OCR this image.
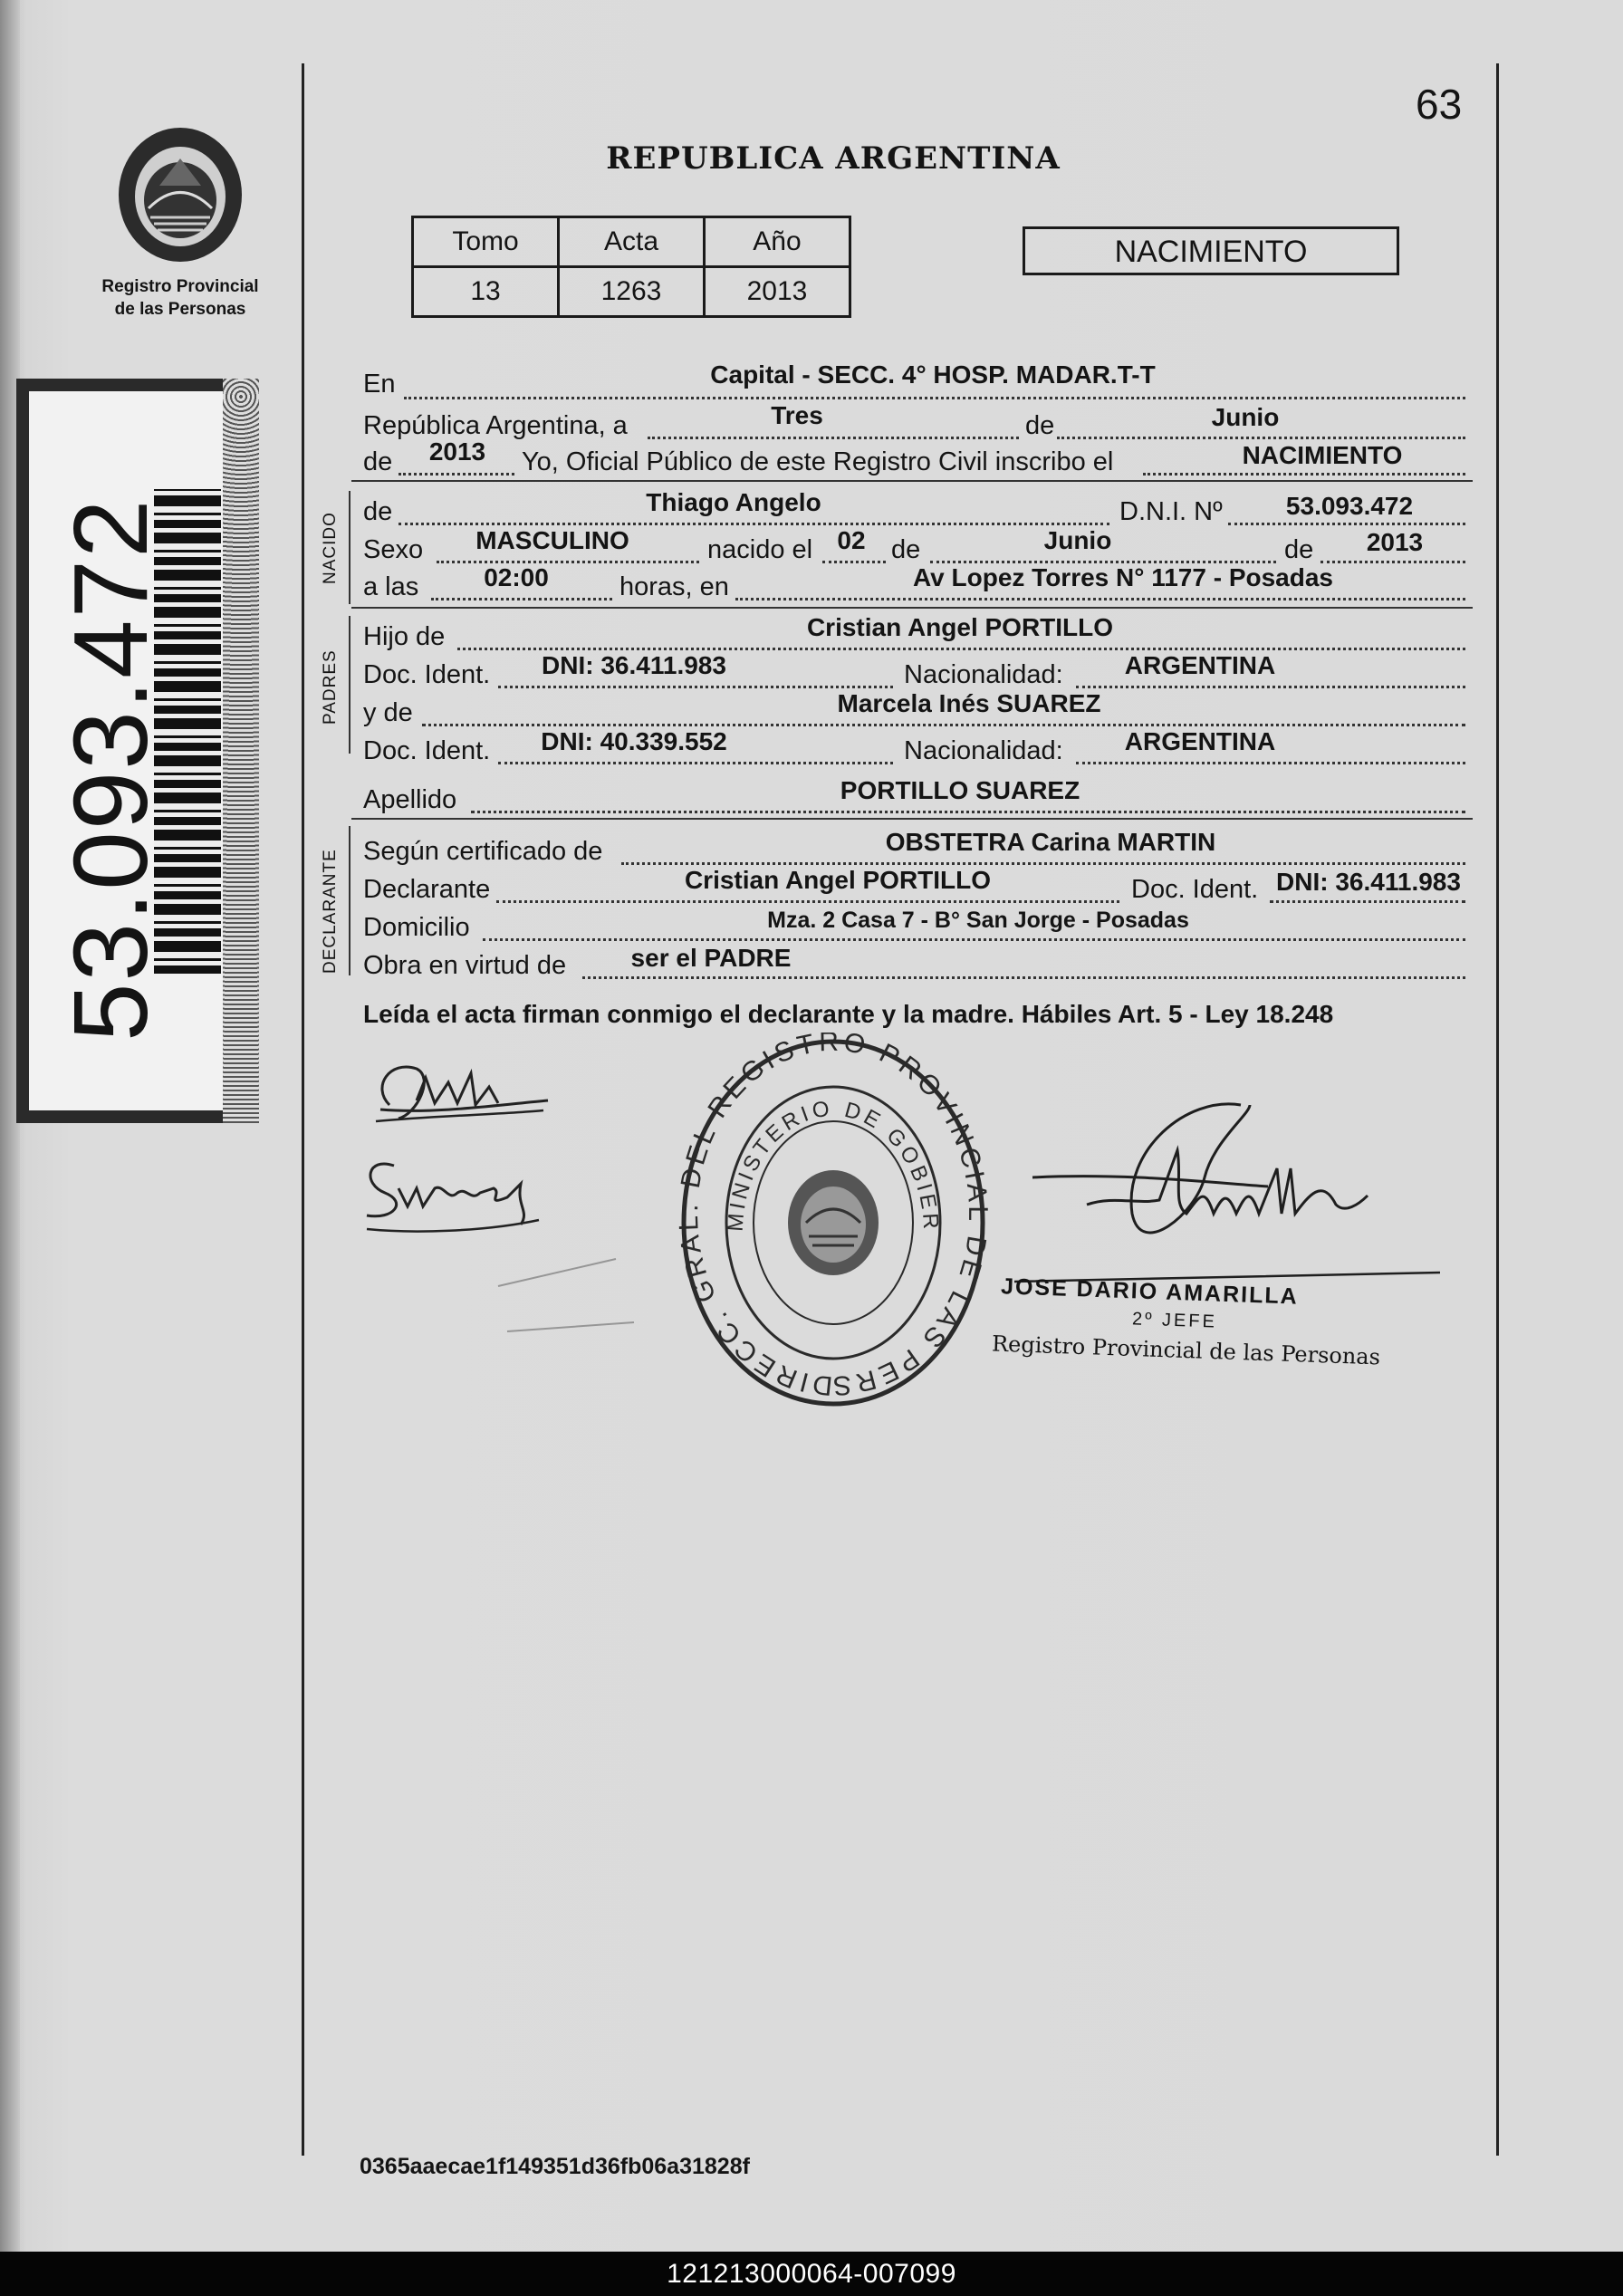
63
Registro Provincial
de las Personas
53.093.472
REPUBLICA ARGENTINA
Tomo	Acta	Año
13	1263	2013
NACIMIENTO
NACIDO
PADRES
DECLARANTE
En	Capital - SECC. 4° HOSP. MADAR.T-T
República Argentina, a	Tres	de	Junio
de	2013	Yo, Oficial Público de este Registro Civil inscribo el	NACIMIENTO
de	Thiago Angelo	D.N.I. Nº	53.093.472
Sexo	MASCULINO	nacido el 02 de	Junio	de	2013
a las	02:00	horas, en	Av Lopez Torres N° 1177 - Posadas
Hijo de	Cristian Angel PORTILLO
Doc. Ident.	DNI: 36.411.983	Nacionalidad:	ARGENTINA
y de	Marcela Inés SUAREZ
Doc. Ident.	DNI: 40.339.552	Nacionalidad:	ARGENTINA
Apellido	PORTILLO SUAREZ
Según certificado de	OBSTETRA Carina MARTIN
Declarante	Cristian Angel PORTILLO	Doc. Ident. DNI: 36.411.983
Domicilio	Mza. 2 Casa 7 - B° San Jorge - Posadas
Obra en virtud de	ser el PADRE
Leída el acta firman conmigo el declarante y la madre. Hábiles Art. 5 - Ley 18.248
DIRECC. GRAL. DEL REGISTRO PROVINCIAL DE LAS PERS
MINISTERIO DE GOBIER
JOSE DARIO AMARILLA
2º JEFE
Registro Provincial de las Personas
0365aaecae1f149351d36fb06a31828f
121213000064-007099
